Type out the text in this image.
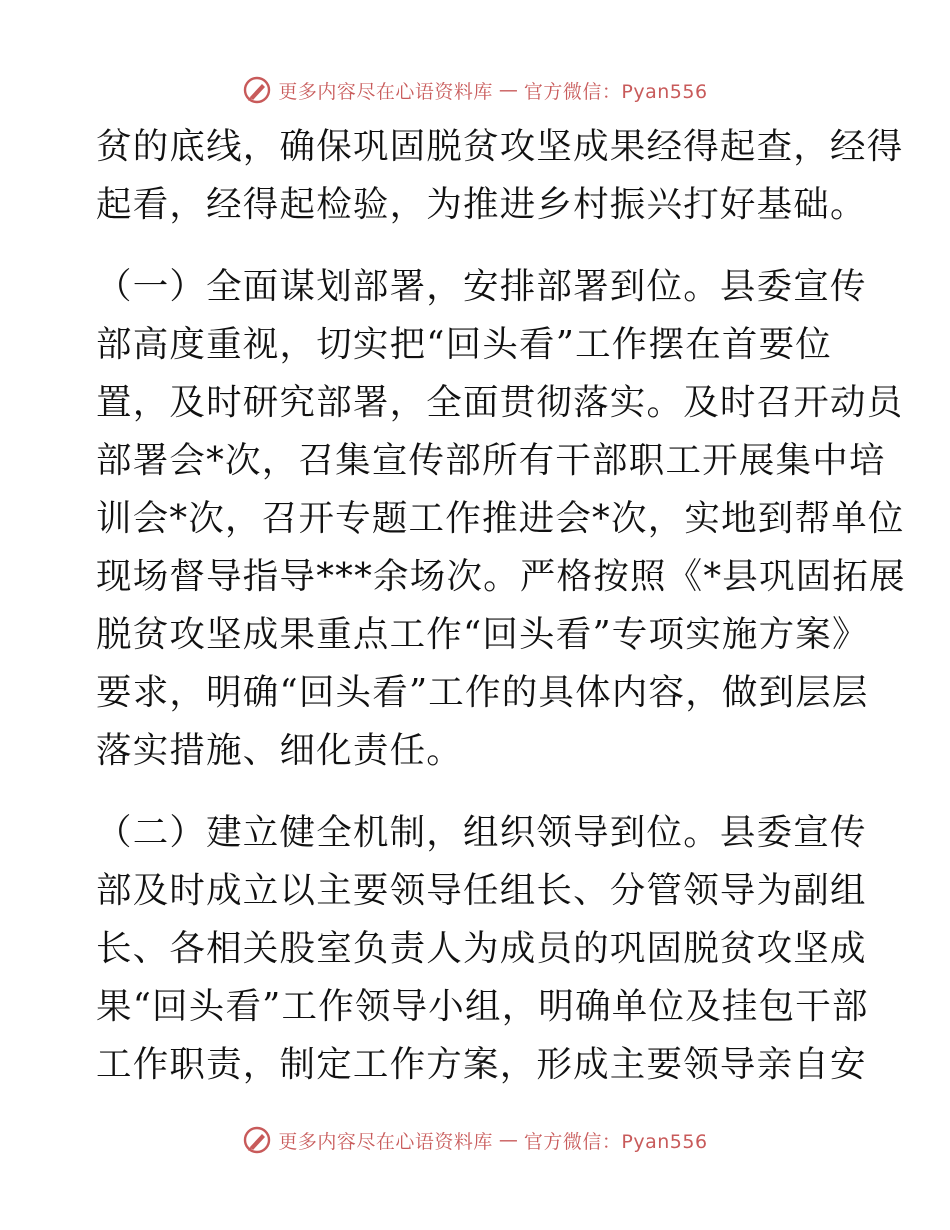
更多内容尽在心语资料库 — 官方微信：Pyan556
贫的底线，确保巩固脱贫攻坚成果经得起查，经得
起看，经得起检验，为推进乡村振兴打好基础。
（一）全面谋划部署，安排部署到位。县委宣传
部高度重视，切实把“回头看”工作摆在首要位
置，及时研究部署，全面贯彻落实。及时召开动员
部署会*次，召集宣传部所有干部职工开展集中培
训会*次，召开专题工作推进会*次，实地到帮单位
现场督导指导***余场次。严格按照《*县巩固拓展
脱贫攻坚成果重点工作“回头看”专项实施方案》
要求，明确“回头看”工作的具体内容，做到层层
落实措施、细化责任。
（二）建立健全机制，组织领导到位。县委宣传
部及时成立以主要领导任组长、分管领导为副组
长、各相关股室负责人为成员的巩固脱贫攻坚成
果“回头看”工作领导小组，明确单位及挂包干部
工作职责，制定工作方案，形成主要领导亲自安
更多内容尽在心语资料库 — 官方微信：Pyan556
